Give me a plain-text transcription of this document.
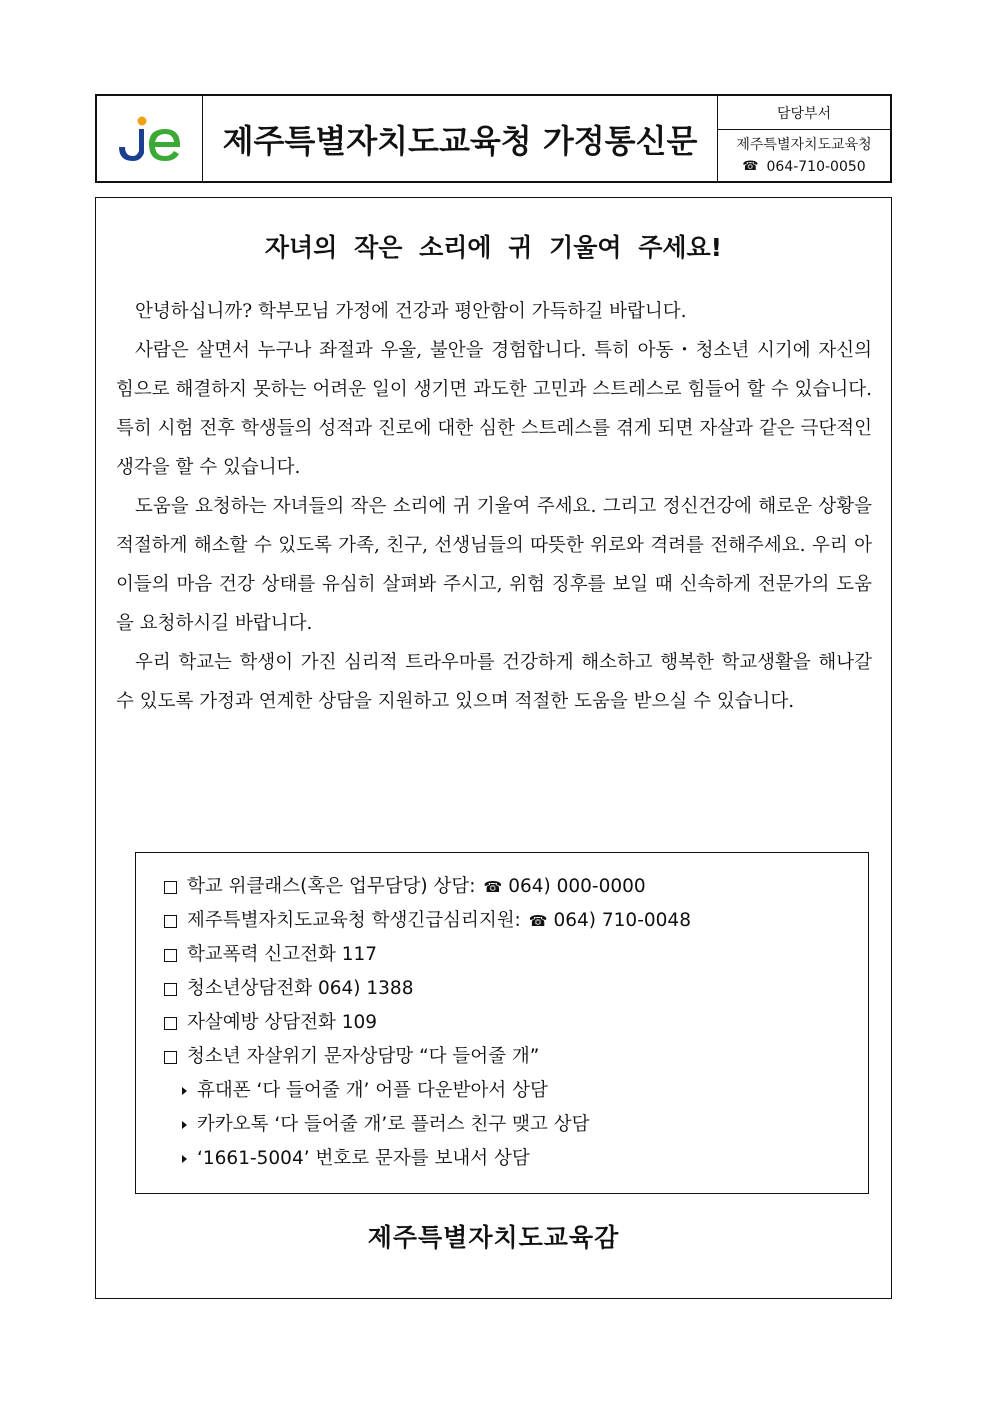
제주특별자치도교육청 가정통신문
담당부서
제주특별자치도교육청
☎ 064-710-0050
자녀의 작은 소리에 귀 기울여 주세요!

안녕하십니까? 학부모님 가정에 건강과 평안함이 가득하길 바랍니다.

사람은 살면서 누구나 좌절과 우울, 불안을 경험합니다. 특히 아동・청소년 시기에 자신의 힘으로 해결하지 못하는 어려운 일이 생기면 과도한 고민과 스트레스로 힘들어 할 수 있습니다. 특히 시험 전후 학생들의 성적과 진로에 대한 심한 스트레스를 겪게 되면 자살과 같은 극단적인 생각을 할 수 있습니다.

도움을 요청하는 자녀들의 작은 소리에 귀 기울여 주세요. 그리고 정신건강에 해로운 상황을 적절하게 해소할 수 있도록 가족, 친구, 선생님들의 따뜻한 위로와 격려를 전해주세요. 우리 아이들의 마음 건강 상태를 유심히 살펴봐 주시고, 위험 징후를 보일 때 신속하게 전문가의 도움을 요청하시길 바랍니다.

우리 학교는 학생이 가진 심리적 트라우마를 건강하게 해소하고 행복한 학교생활을 해나갈 수 있도록 가정과 연계한 상담을 지원하고 있으며 적절한 도움을 받으실 수 있습니다.

학교 위클래스(혹은 업무담당) 상담: ☎ 064) 000-0000
제주특별자치도교육청 학생긴급심리지원: ☎ 064) 710-0048
학교폭력 신고전화 117
청소년상담전화 064) 1388
자살예방 상담전화 109
청소년 자살위기 문자상담망 “다 들어줄 개”
휴대폰 ‘다 들어줄 개’ 어플 다운받아서 상담
카카오톡 ‘다 들어줄 개’로 플러스 친구 맺고 상담
‘1661-5004’ 번호로 문자를 보내서 상담
제주특별자치도교육감
